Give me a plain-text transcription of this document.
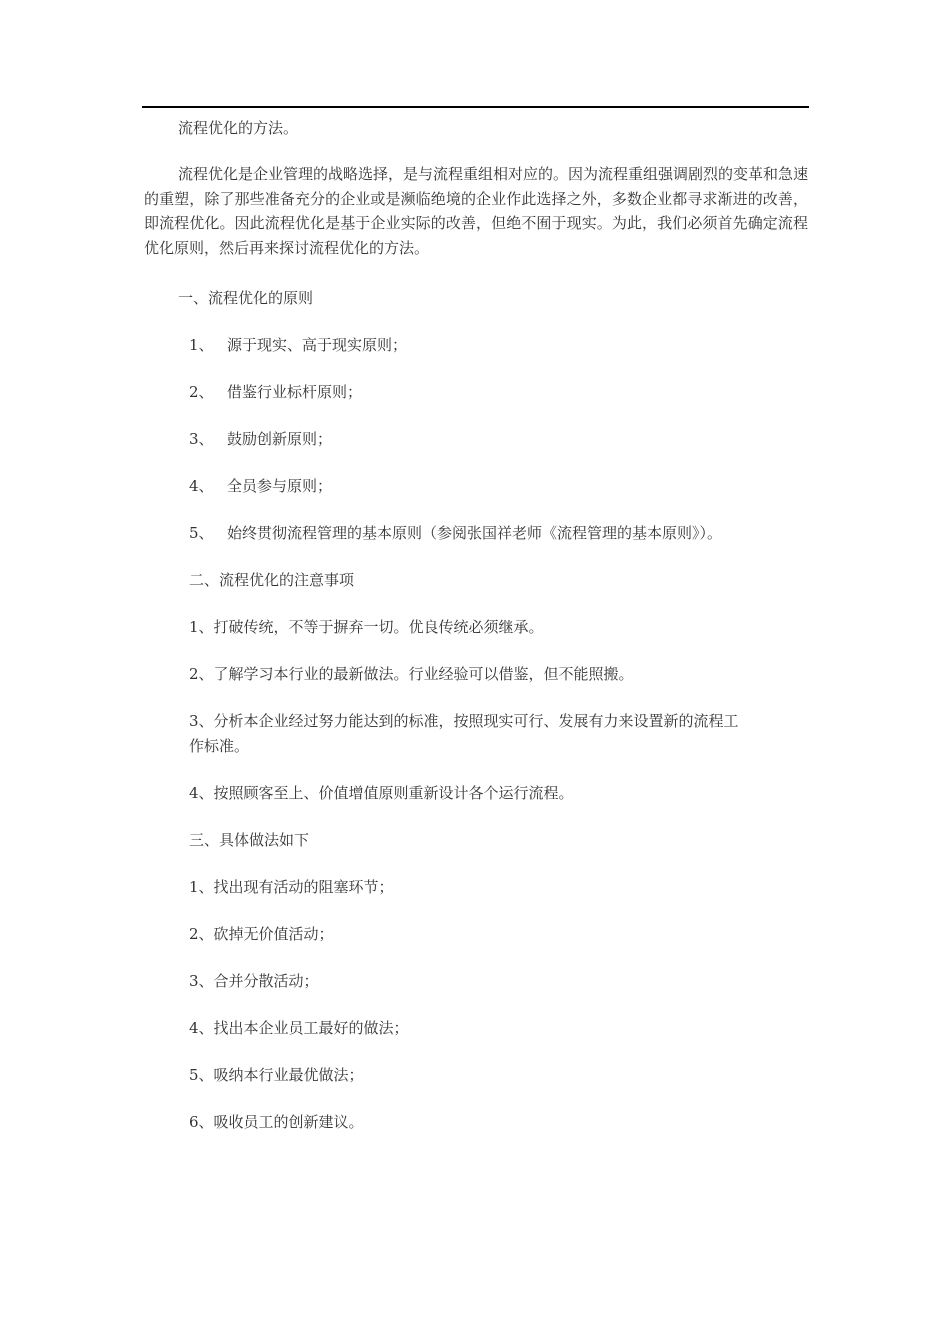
流程优化的方法。
流程优化是企业管理的战略选择，是与流程重组相对应的。因为流程重组强调剧烈的变革和急速的重塑，除了那些准备充分的企业或是濒临绝境的企业作此选择之外，多数企业都寻求渐进的改善，即流程优化。因此流程优化是基于企业实际的改善，但绝不囿于现实。为此，我们必须首先确定流程优化原则，然后再来探讨流程优化的方法。
一、流程优化的原则
1、 源于现实、高于现实原则；
2、 借鉴行业标杆原则；
3、 鼓励创新原则；
4、 全员参与原则；
5、 始终贯彻流程管理的基本原则（参阅张国祥老师《流程管理的基本原则》）。
二、流程优化的注意事项
1、打破传统，不等于摒弃一切。优良传统必须继承。
2、了解学习本行业的最新做法。行业经验可以借鉴，但不能照搬。
3、分析本企业经过努力能达到的标准，按照现实可行、发展有力来设置新的流程工
作标准。
4、按照顾客至上、价值增值原则重新设计各个运行流程。
三、具体做法如下
1、找出现有活动的阻塞环节；
2、砍掉无价值活动；
3、合并分散活动；
4、找出本企业员工最好的做法；
5、吸纳本行业最优做法；
6、吸收员工的创新建议。
